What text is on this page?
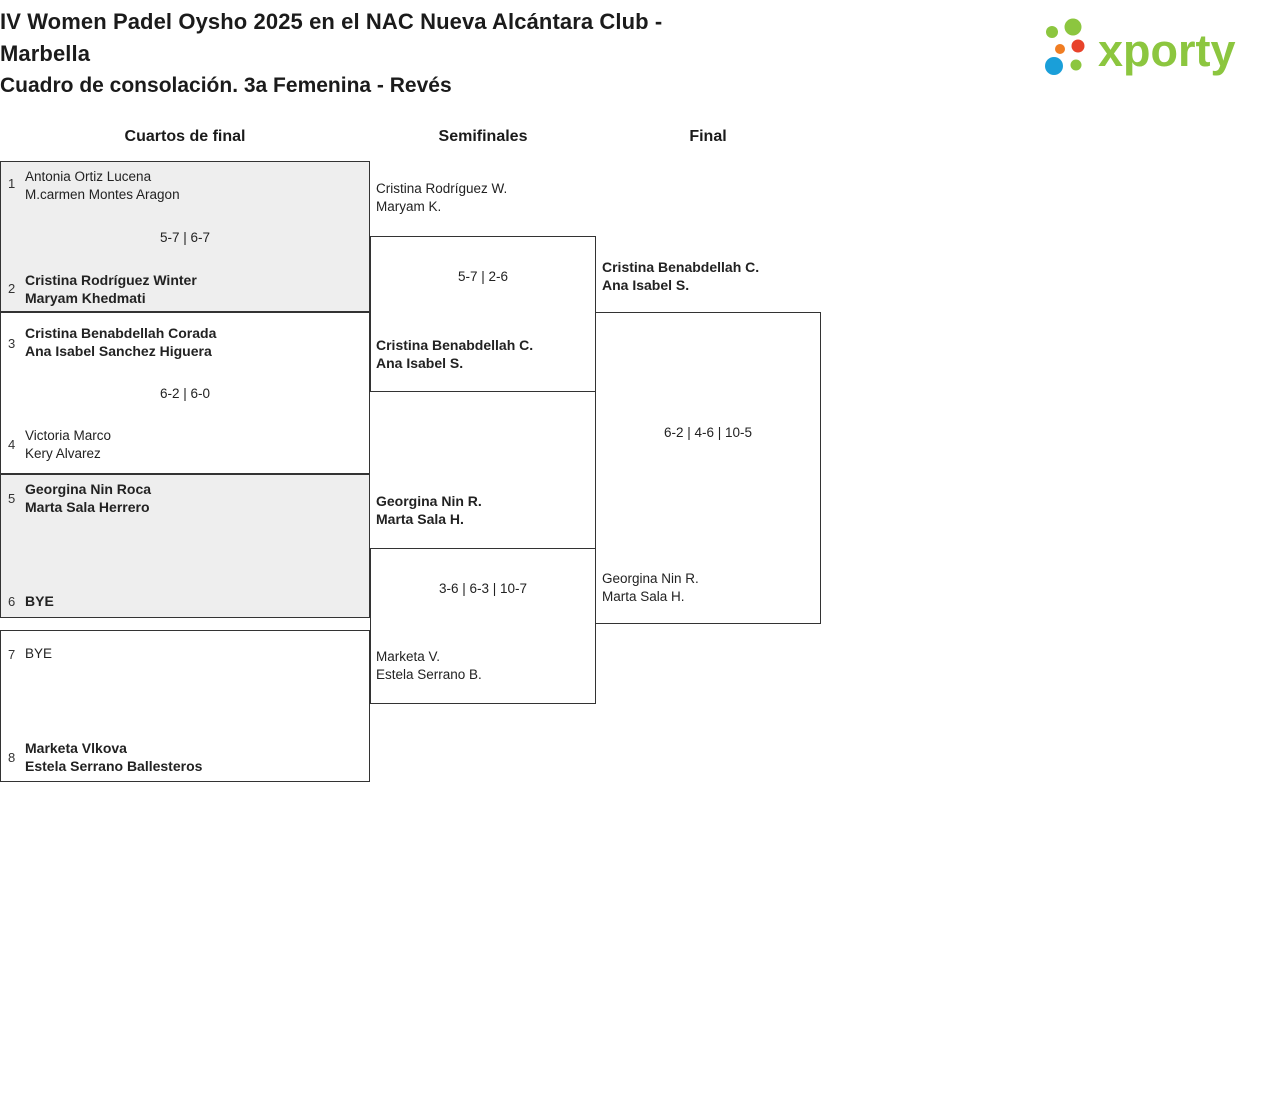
IV Women Padel Oysho 2025 en el NAC Nueva Alcántara Club -
Marbella
Cuadro de consolación. 3a Femenina - Revés
xporty
Cuartos de final	Semifinales	Final
1 Antonia Ortiz Lucena
M.carmen Montes Aragon
5-7 | 6-7
2
Cristina Rodríguez Winter
Maryam Khedmati
3
Cristina Benabdellah Corada
Ana Isabel Sanchez Higuera
6-2 | 6-0
4
Victoria Marco
Kery Alvarez
5
Georgina Nin Roca
Marta Sala Herrero
6 BYE
7 BYE
8
Marketa Vlkova
Estela Serrano Ballesteros
Cristina Rodríguez W.
Maryam K.
5-7 | 2-6
Cristina Benabdellah C.
Ana Isabel S.
Georgina Nin R.
Marta Sala H.
3-6 | 6-3 | 10-7
Marketa V.
Estela Serrano B.
Cristina Benabdellah C.
Ana Isabel S.
6-2 | 4-6 | 10-5
Georgina Nin R.
Marta Sala H.
